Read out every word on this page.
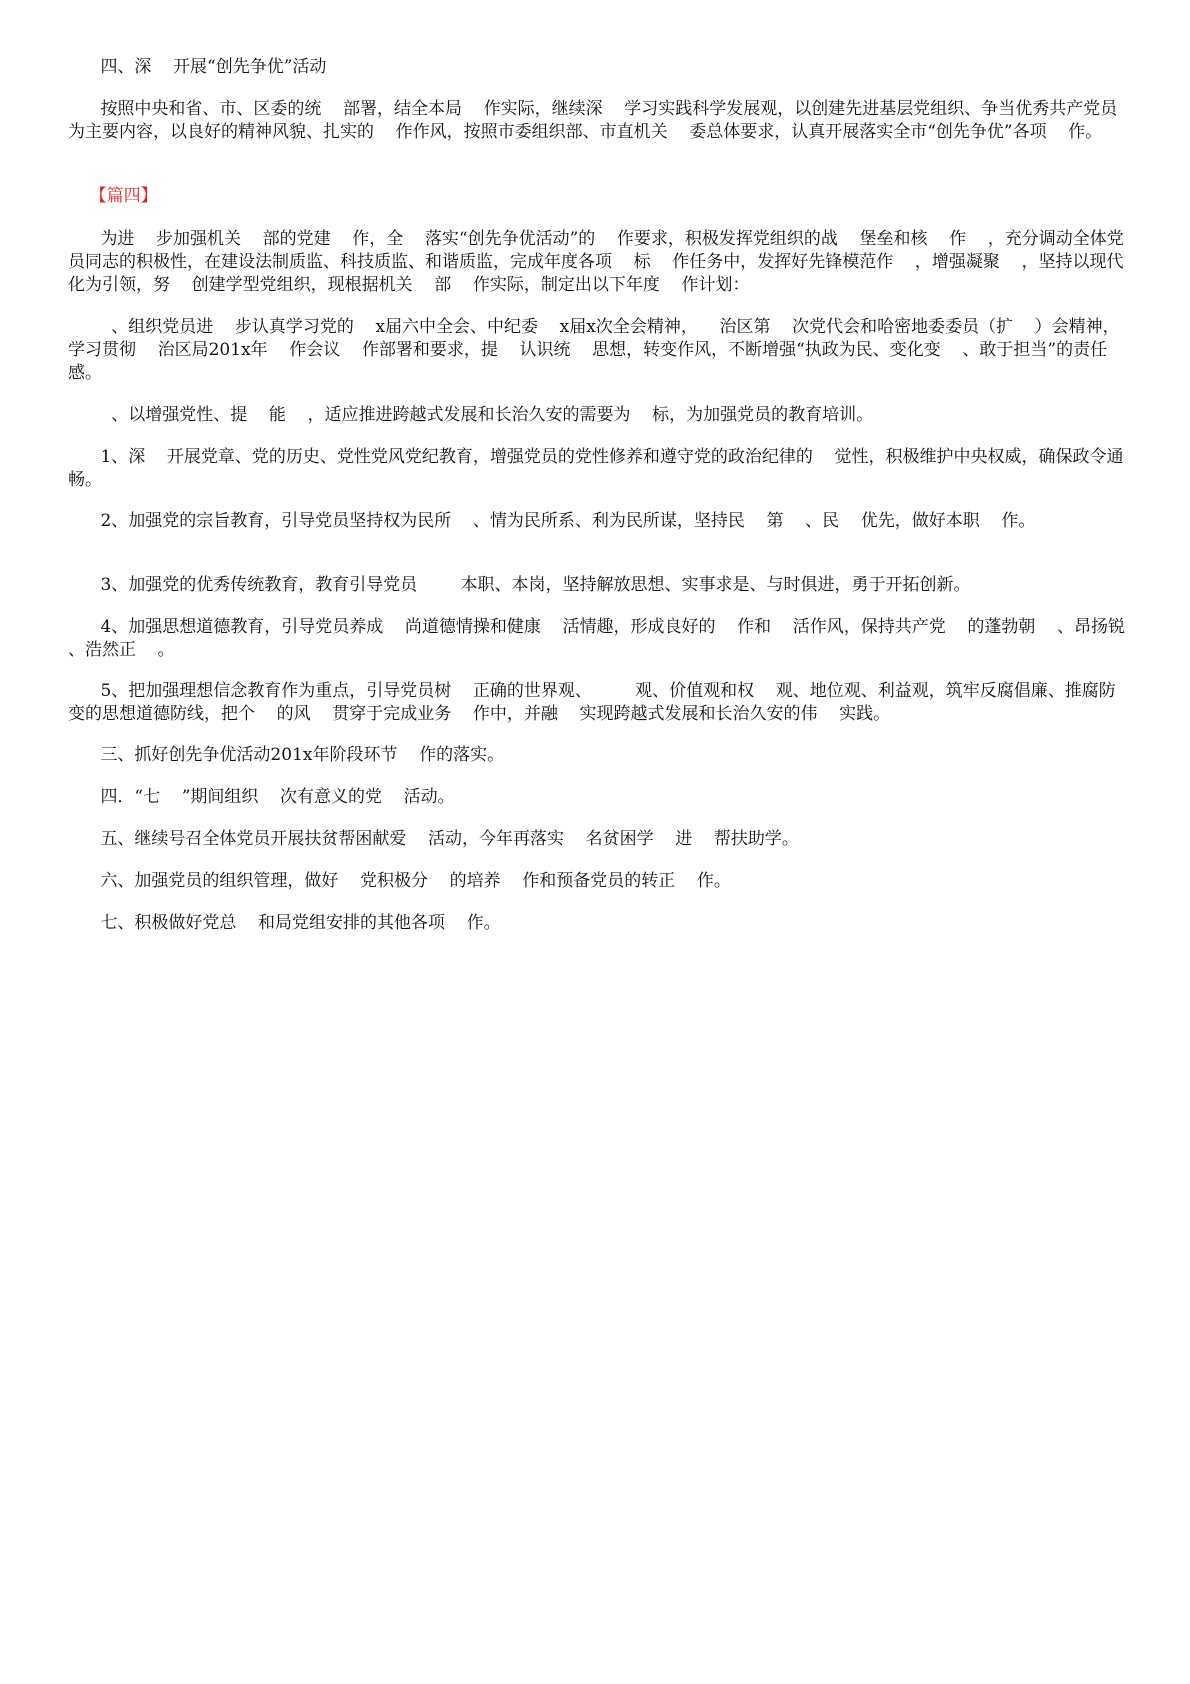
四、深    开展“创先争优”活动
按照中央和省、市、区委的统    部署，结全本局    作实际，继续深    学习实践科学发展观，以创建先进基层党组织、争当优秀共产党员为主要内容，以良好的精神风貌、扎实的    作作风，按照市委组织部、市直机关    委总体要求，认真开展落实全市“创先争优”各项    作。
【篇四】
为进    步加强机关    部的党建    作，全    落实“创先争优活动”的    作要求，积极发挥党组织的战    堡垒和核    作    ，充分调动全体党员同志的积极性，在建设法制质监、科技质监、和谐质监，完成年度各项    标    作任务中，发挥好先锋模范作    ，增强凝聚    ，坚持以现代    化为引领，努    创建学型党组织，现根据机关    部    作实际，制定出以下年度    作计划：
、组织党员进    步认真学习党的    x届六中全会、中纪委    x届x次全会精神，    治区第    次党代会和哈密地委委员（扩    ）会精神，学习贯彻    治区局201x年    作会议    作部署和要求，提    认识统    思想，转变作风，不断增强“执政为民、变化变    、敢于担当”的责任感。
、以增强党性、提    能    ，适应推进跨越式发展和长治久安的需要为    标，为加强党员的教育培训。
1、深    开展党章、党的历史、党性党风党纪教育，增强党员的党性修养和遵守党的政治纪律的    觉性，积极维护中央权威，确保政令通畅。
2、加强党的宗旨教育，引导党员坚持权为民所    、情为民所系、利为民所谋，坚持民    第    、民    优先，做好本职    作。
3、加强党的优秀传统教育，教育引导党员        本职、本岗，坚持解放思想、实事求是、与时俱进，勇于开拓创新。
4、加强思想道德教育，引导党员养成    尚道德情操和健康    活情趣，形成良好的    作和    活作风，保持共产党    的蓬勃朝    、昂扬锐    、浩然正    。
5、把加强理想信念教育作为重点，引导党员树    正确的世界观、        观、价值观和权    观、地位观、利益观，筑牢反腐倡廉、推腐防变的思想道德防线，把个    的风    贯穿于完成业务    作中，并融    实现跨越式发展和长治久安的伟    实践。
三、抓好创先争优活动201x年阶段环节    作的落实。
四．“七    ”期间组织    次有意义的党    活动。
五、继续号召全体党员开展扶贫帮困献爱    活动，今年再落实    名贫困学    进    帮扶助学。
六、加强党员的组织管理，做好    党积极分    的培养    作和预备党员的转正    作。
七、积极做好党总    和局党组安排的其他各项    作。
